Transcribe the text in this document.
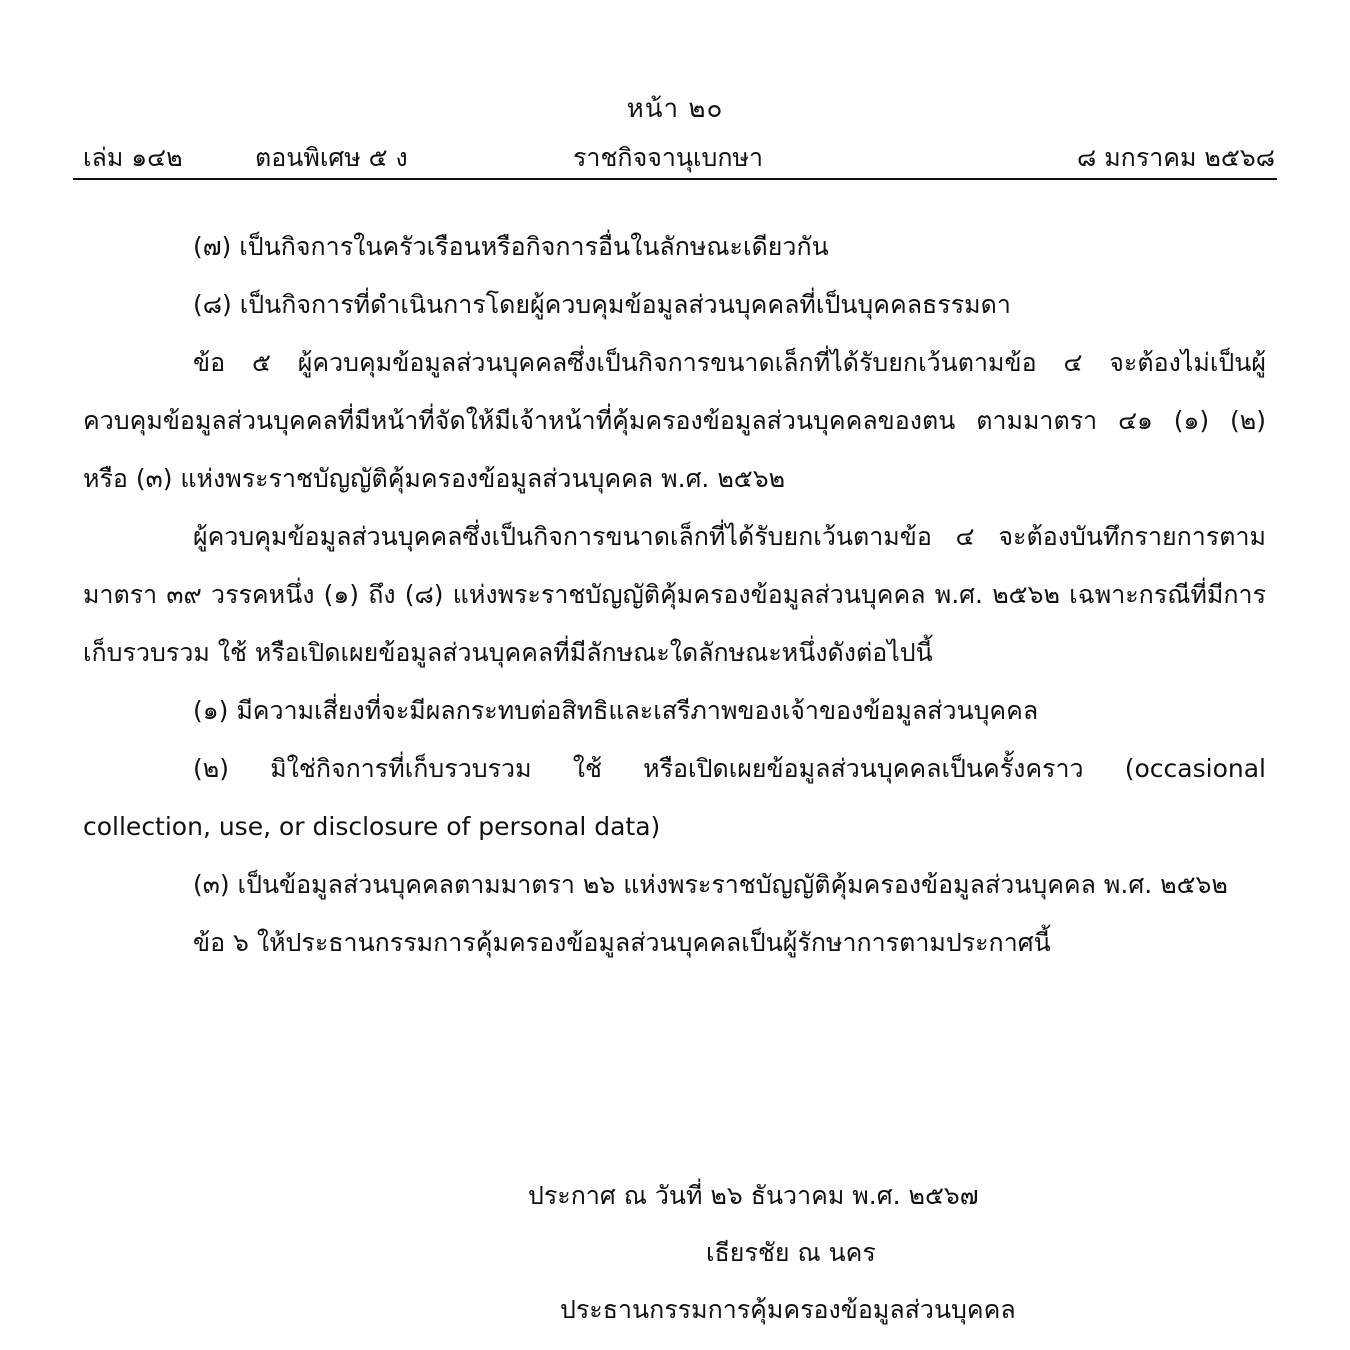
หน้า ๒๐
เล่ม ๑๔๒	ตอนพิเศษ ๕ ง	ราชกิจจานุเบกษา	๘ มกราคม ๒๕๖๘

(๗) เป็นกิจการในครัวเรือนหรือกิจการอื่นในลักษณะเดียวกัน

(๘) เป็นกิจการที่ดำเนินการโดยผู้ควบคุมข้อมูลส่วนบุคคลที่เป็นบุคคลธรรมดา

ข้อ ๕ ผู้ควบคุมข้อมูลส่วนบุคคลซึ่งเป็นกิจการขนาดเล็กที่ได้รับยกเว้นตามข้อ ๔ จะต้องไม่เป็นผู้ควบคุมข้อมูลส่วนบุคคลที่มีหน้าที่จัดให้มีเจ้าหน้าที่คุ้มครองข้อมูลส่วนบุคคลของตน ตามมาตรา ๔๑ (๑) (๒) หรือ (๓) แห่งพระราชบัญญัติคุ้มครองข้อมูลส่วนบุคคล พ.ศ. ๒๕๖๒

ผู้ควบคุมข้อมูลส่วนบุคคลซึ่งเป็นกิจการขนาดเล็กที่ได้รับยกเว้นตามข้อ ๔ จะต้องบันทึกรายการตามมาตรา ๓๙ วรรคหนึ่ง (๑) ถึง (๘) แห่งพระราชบัญญัติคุ้มครองข้อมูลส่วนบุคคล พ.ศ. ๒๕๖๒ เฉพาะกรณีที่มีการเก็บรวบรวม ใช้ หรือเปิดเผยข้อมูลส่วนบุคคลที่มีลักษณะใดลักษณะหนึ่งดังต่อไปนี้

(๑) มีความเสี่ยงที่จะมีผลกระทบต่อสิทธิและเสรีภาพของเจ้าของข้อมูลส่วนบุคคล

(๒) มิใช่กิจการที่เก็บรวบรวม ใช้ หรือเปิดเผยข้อมูลส่วนบุคคลเป็นครั้งคราว (occasional collection, use, or disclosure of personal data)

(๓) เป็นข้อมูลส่วนบุคคลตามมาตรา ๒๖ แห่งพระราชบัญญัติคุ้มครองข้อมูลส่วนบุคคล พ.ศ. ๒๕๖๒

ข้อ ๖ ให้ประธานกรรมการคุ้มครองข้อมูลส่วนบุคคลเป็นผู้รักษาการตามประกาศนี้

ประกาศ ณ วันที่ ๒๖ ธันวาคม พ.ศ. ๒๕๖๗
เธียรชัย ณ นคร
ประธานกรรมการคุ้มครองข้อมูลส่วนบุคคล
